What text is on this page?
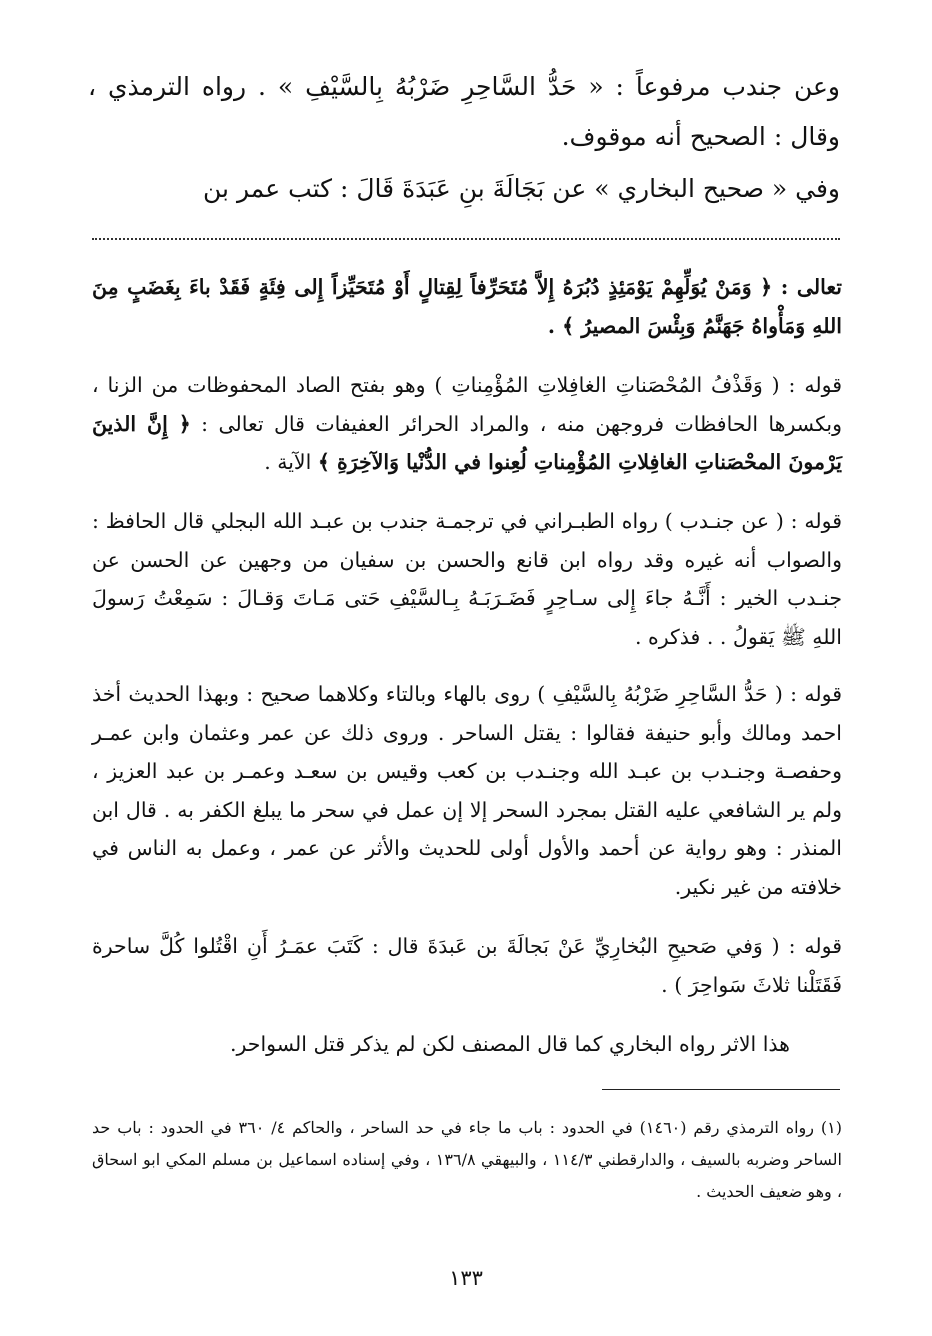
وعن جندب مرفوعاً : « حَدُّ السَّاحِرِ ضَرْبُهُ بِالسَّيْفِ » . رواه الترمذي ، وقال : الصحيح أنه موقوف.
وفي « صحيح البخاري » عن بَجَالَةَ بنِ عَبَدَةَ قَالَ : كتب عمر بن
تعالى : ﴿ وَمَنْ يُوَلِّهِمْ يَوْمَئِذٍ دُبُرَهُ إِلاَّ مُتَحَرِّفاً لِقِتالٍ أَوْ مُتَحَيِّزاً إِلى فِئَةٍ فَقَدْ باءَ بِغَضَبٍ مِنَ اللهِ وَمَأْواهُ جَهَنَّمُ وَبِئْسَ المصيرُ ﴾ .
قوله : ( وَقَذْفُ المُحْصَناتِ الغافِلاتِ المُؤْمِناتِ ) وهو بفتح الصاد المحفوظات من الزنا ، وبكسرها الحافظات فروجهن منه ، والمراد الحرائر العفيفات قال تعالى : ﴿ إِنَّ الذينَ يَرْمونَ المحْصَناتِ الغافِلاتِ المُؤْمِناتِ لُعِنوا في الدُّنْيا وَالآخِرَةِ ﴾ الآية .
قوله : ( عن جنـدب ) رواه الطبـراني في ترجمـة جندب بن عبـد الله البجلي قال الحافظ : والصواب أنه غيره وقد رواه ابن قانع والحسن بن سفيان من وجهين عن الحسن عن جنـدب الخير : أَنَّـهُ جاءَ إِلى سـاحِرٍ فَضَـرَبَـهُ بِـالسَّيْفِ حَتى مَـاتَ وَقـالَ : سَمِعْتُ رَسولَ اللهِ ﷺ يَقولُ . . فذكره .
قوله : ( حَدُّ السَّاحِرِ ضَرْبُهُ بِالسَّيْفِ ) روى بالهاء وبالتاء وكلاهما صحيح : وبهذا الحديث أخذ احمد ومالك وأبو حنيفة فقالوا : يقتل الساحر . وروى ذلك عن عمر وعثمان وابن عمـر وحفصـة وجنـدب بن عبـد الله وجنـدب بن كعب وقيس بن سعـد وعمـر بن عبد العزيز ، ولم ير الشافعي عليه القتل بمجرد السحر إلا إن عمل في سحر ما يبلغ الكفر به . قال ابن المنذر : وهو رواية عن أحمد والأول أولى للحديث والأثر عن عمر ، وعمل به الناس في خلافته من غير نكير.
قوله : ( وَفي صَحيحِ البُخارِيِّ عَنْ بَجالَةَ بن عَبدَةَ قال : كَتَبَ عمَـرُ أَنِ اقْتُلوا كُلَّ ساحرة فَقَتَلْنا ثلاثَ سَواحِرَ ) .
هذا الاثر رواه البخاري كما قال المصنف لكن لم يذكر قتل السواحر.
(١) رواه الترمذي رقم (١٤٦٠) في الحدود : باب ما جاء في حد الساحر ، والحاكم ٤/ ٣٦٠ في الحدود : باب حد الساحر وضربه بالسيف ، والدارقطني ١١٤/٣ ، والبيهقي ١٣٦/٨ ، وفي إسناده اسماعيل بن مسلم المكي ابو اسحاق ، وهو ضعيف الحديث .
١٣٣
